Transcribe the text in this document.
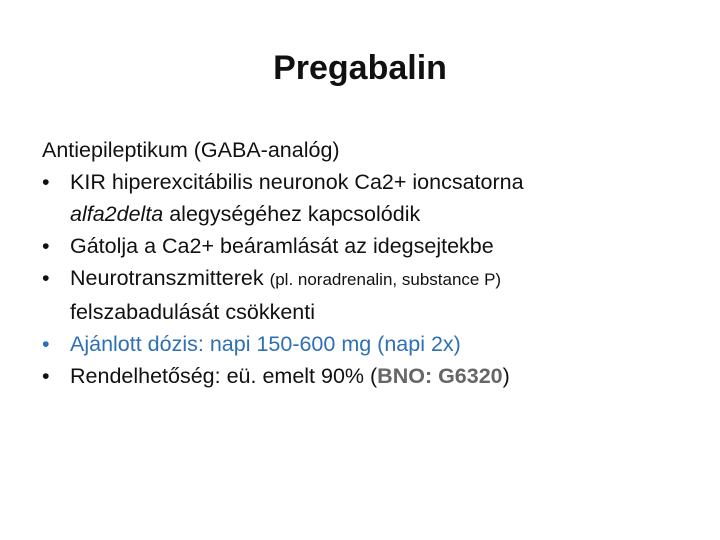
Pregabalin

Antiepileptikum (GABA-analóg)

• KIR hiperexcitábilis neuronok Ca2+ ioncsatorna
alfa2delta alegységéhez kapcsolódik
• Gátolja a Ca2+ beáramlását az idegsejtekbe
• Neurotranszmitterek (pl. noradrenalin, substance P)
felszabadulását csökkenti
• Ajánlott dózis: napi 150-600 mg (napi 2x)
• Rendelhetőség: eü. emelt 90% (BNO: G6320)
